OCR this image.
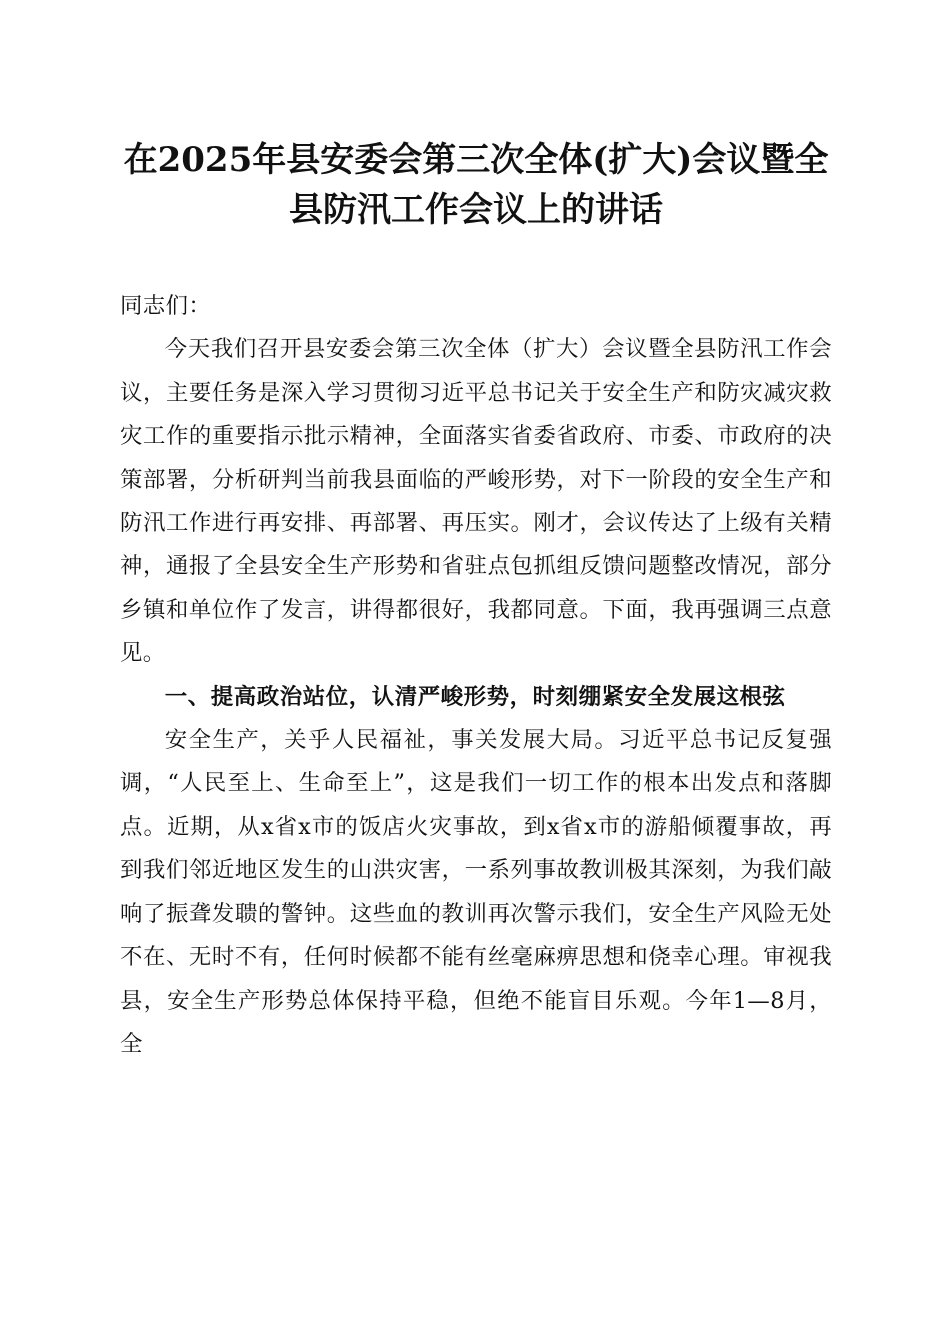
在2025年县安委会第三次全体(扩大)会议暨全
县防汛工作会议上的讲话

同志们：

今天我们召开县安委会第三次全体（扩大）会议暨全县防汛工作会议，主要任务是深入学习贯彻习近平总书记关于安全生产和防灾减灾救灾工作的重要指示批示精神，全面落实省委省政府、市委、市政府的决策部署，分析研判当前我县面临的严峻形势，对下一阶段的安全生产和防汛工作进行再安排、再部署、再压实。刚才，会议传达了上级有关精神，通报了全县安全生产形势和省驻点包抓组反馈问题整改情况，部分乡镇和单位作了发言，讲得都很好，我都同意。下面，我再强调三点意见。

一、提高政治站位，认清严峻形势，时刻绷紧安全发展这根弦

安全生产，关乎人民福祉，事关发展大局。习近平总书记反复强调，“人民至上、生命至上”，这是我们一切工作的根本出发点和落脚点。近期，从x省x市的饭店火灾事故，到x省x市的游船倾覆事故，再到我们邻近地区发生的山洪灾害，一系列事故教训极其深刻，为我们敲响了振聋发聩的警钟。这些血的教训再次警示我们，安全生产风险无处不在、无时不有，任何时候都不能有丝毫麻痹思想和侥幸心理。审视我县，安全生产形势总体保持平稳，但绝不能盲目乐观。今年1—8月，全
